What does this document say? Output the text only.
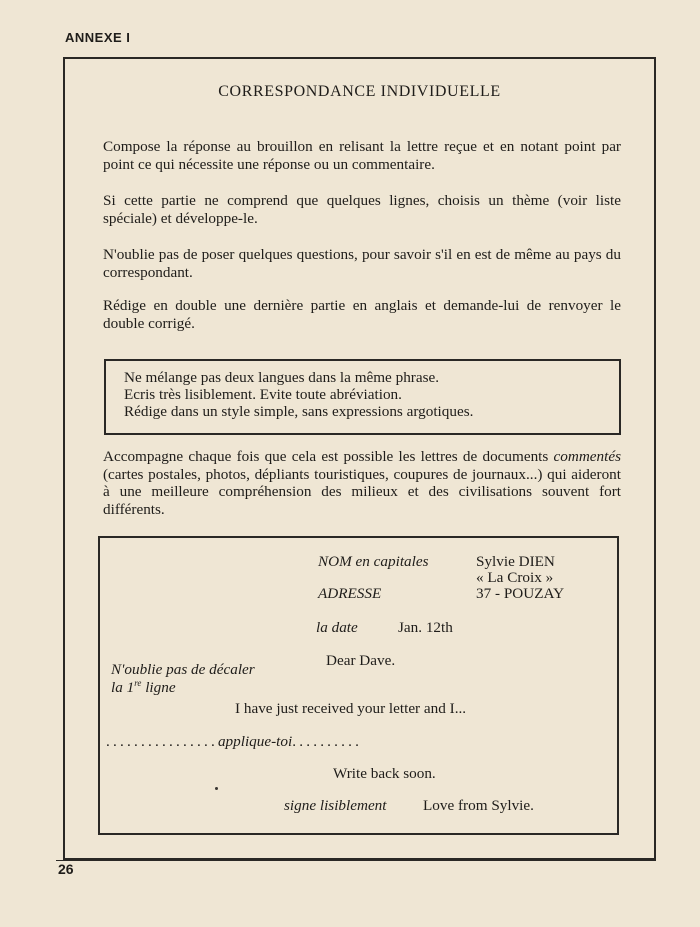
ANNEXE I
CORRESPONDANCE INDIVIDUELLE
Compose la réponse au brouillon en relisant la lettre reçue et en notant point par point ce qui nécessite une réponse ou un commentaire.
Si cette partie ne comprend que quelques lignes, choisis un thème (voir liste spéciale) et développe-le.
N'oublie pas de poser quelques questions, pour savoir s'il en est de même au pays du correspondant.
Rédige en double une dernière partie en anglais et demande-lui de renvoyer le double corrigé.
Ne mélange pas deux langues dans la même phrase.
Ecris très lisiblement. Evite toute abréviation.
Rédige dans un style simple, sans expressions argotiques.
Accompagne chaque fois que cela est possible les lettres de documents commentés (cartes postales, photos, dépliants touristiques, coupures de journaux...) qui aideront à une meilleure compréhension des milieux et des civilisations souvent fort différents.
NOM en capitales	Sylvie DIEN
« La Croix »
ADRESSE	37 - POUZAY
la date	Jan. 12th
Dear Dave.
N'oublie pas de décaler
la 1re ligne
I have just received your letter and I...
................applique-toi..........
Write back soon.
signe lisiblement Love from Sylvie.
26
